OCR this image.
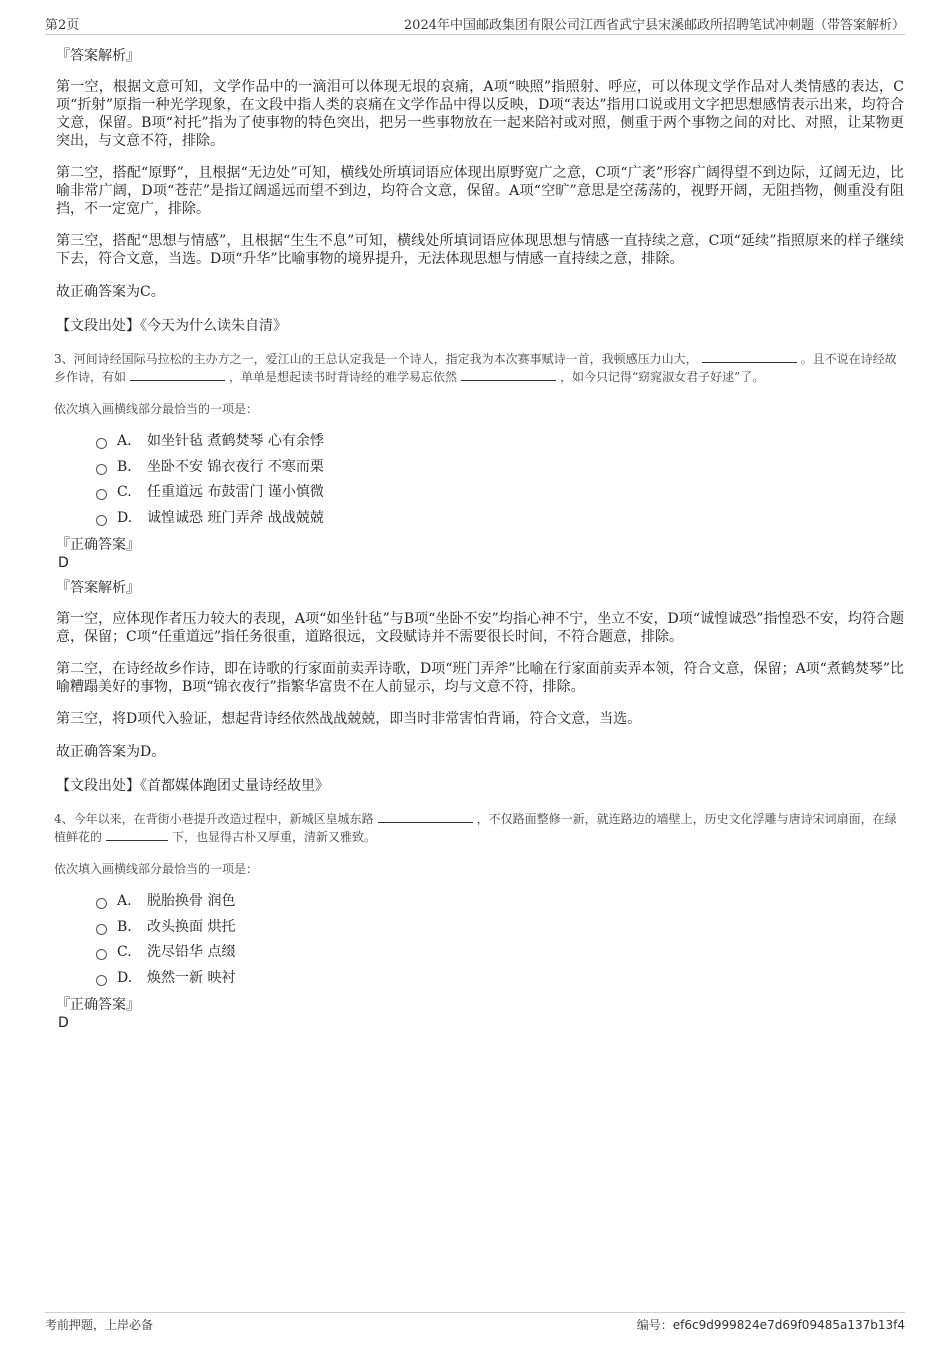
第2页	2024年中国邮政集团有限公司江西省武宁县宋溪邮政所招聘笔试冲刺题（带答案解析）
『答案解析』

第一空，根据文意可知，文学作品中的一滴泪可以体现无垠的哀痛，A项“映照”指照射、呼应，可以体现文学作品对人类情感的表达，C项“折射”原指一种光学现象，在文段中指人类的哀痛在文学作品中得以反映，D项“表达”指用口说或用文字把思想感情表示出来，均符合文意，保留。B项“衬托”指为了使事物的特色突出，把另一些事物放在一起来陪衬或对照，侧重于两个事物之间的对比、对照，让某物更突出，与文意不符，排除。

第二空，搭配“原野”，且根据“无边处”可知，横线处所填词语应体现出原野宽广之意，C项“广袤”形容广阔得望不到边际，辽阔无边，比喻非常广阔，D项“苍茫”是指辽阔遥远而望不到边，均符合文意，保留。A项“空旷”意思是空荡荡的，视野开阔，无阻挡物，侧重没有阻挡，不一定宽广，排除。

第三空，搭配“思想与情感”，且根据“生生不息”可知，横线处所填词语应体现思想与情感一直持续之意，C项“延续”指照原来的样子继续下去，符合文意，当选。D项“升华”比喻事物的境界提升，无法体现思想与情感一直持续之意，排除。

故正确答案为C。
【文段出处】《今天为什么读朱自清》
3、河间诗经国际马拉松的主办方之一，爱江山的王总认定我是一个诗人，指定我为本次赛事赋诗一首，我顿感压力山大，	。且不说在诗经故乡作诗，有如	，单单是想起读书时背诗经的难学易忘依然	，如今只记得“窈窕淑女君子好逑”了。
依次填入画横线部分最恰当的一项是：
A.	如坐针毡 煮鹤焚琴 心有余悸
B.	坐卧不安 锦衣夜行 不寒而栗
C.	任重道远 布鼓雷门 谨小慎微
D.	诚惶诚恐 班门弄斧 战战兢兢
『正确答案』
D
『答案解析』

第一空，应体现作者压力较大的表现，A项“如坐针毡”与B项“坐卧不安”均指心神不宁，坐立不安，D项“诚惶诚恐”指惶恐不安，均符合题意，保留；C项“任重道远”指任务很重，道路很远，文段赋诗并不需要很长时间，不符合题意，排除。

第二空，在诗经故乡作诗，即在诗歌的行家面前卖弄诗歌，D项“班门弄斧”比喻在行家面前卖弄本领，符合文意，保留；A项“煮鹤焚琴”比喻糟蹋美好的事物，B项“锦衣夜行”指繁华富贵不在人前显示，均与文意不符，排除。

第三空，将D项代入验证，想起背诗经依然战战兢兢，即当时非常害怕背诵，符合文意，当选。

故正确答案为D。
【文段出处】《首都媒体跑团丈量诗经故里》
4、今年以来，在背街小巷提升改造过程中，新城区皇城东路	，不仅路面整修一新，就连路边的墙壁上，历史文化浮雕与唐诗宋词扇面，在绿植鲜花的	下，也显得古朴又厚重，清新又雅致。
依次填入画横线部分最恰当的一项是：
A.	脱胎换骨 润色
B.	改头换面 烘托
C.	洗尽铅华 点缀
D.	焕然一新 映衬
『正确答案』
D
考前押题，上岸必备	编号：ef6c9d999824e7d69f09485a137b13f4
